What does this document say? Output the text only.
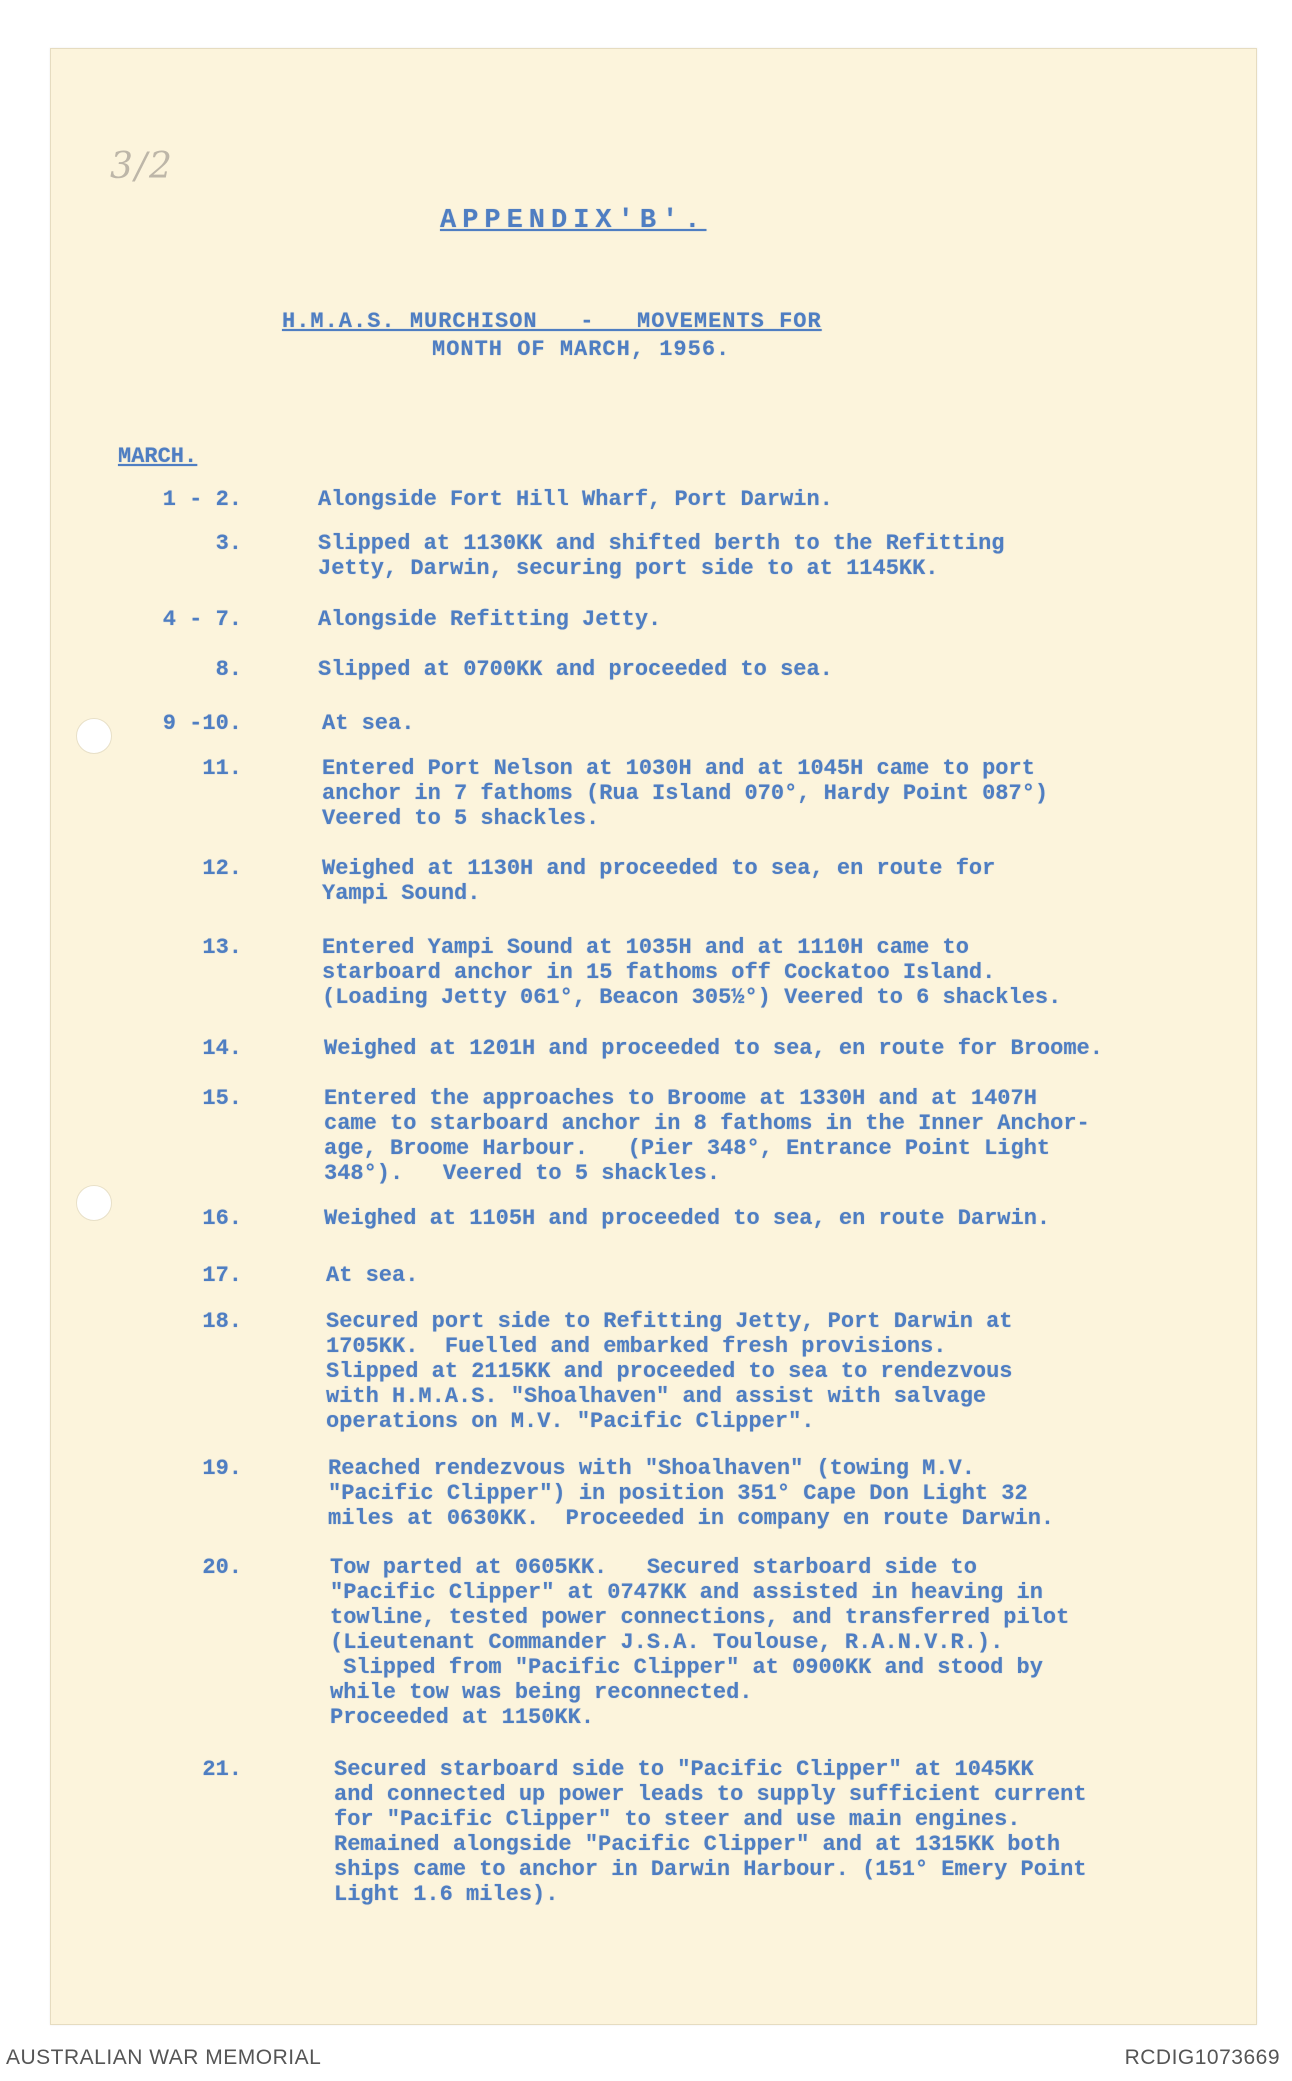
3/2
APPENDIX'B'.
H.M.A.S. MURCHISON   -   MOVEMENTS FOR
MONTH OF MARCH, 1956.
MARCH.
1 - 2.	Alongside Fort Hill Wharf, Port Darwin.
3.	Slipped at 1130KK and shifted berth to the Refitting
Jetty, Darwin, securing port side to at 1145KK.
4 - 7.	Alongside Refitting Jetty.
8.	Slipped at 0700KK and proceeded to sea.
9 -10.	At sea.
11.	Entered Port Nelson at 1030H and at 1045H came to port
anchor in 7 fathoms (Rua Island 070°, Hardy Point 087°)
Veered to 5 shackles.
12.	Weighed at 1130H and proceeded to sea, en route for
Yampi Sound.
13.	Entered Yampi Sound at 1035H and at 1110H came to
starboard anchor in 15 fathoms off Cockatoo Island.
(Loading Jetty 061°, Beacon 305½°) Veered to 6 shackles.
14.	Weighed at 1201H and proceeded to sea, en route for Broome.
15.	Entered the approaches to Broome at 1330H and at 1407H
came to starboard anchor in 8 fathoms in the Inner Anchor-
age, Broome Harbour.   (Pier 348°, Entrance Point Light
348°).   Veered to 5 shackles.
16.	Weighed at 1105H and proceeded to sea, en route Darwin.
17.	At sea.
18.	Secured port side to Refitting Jetty, Port Darwin at
1705KK.  Fuelled and embarked fresh provisions.
Slipped at 2115KK and proceeded to sea to rendezvous
with H.M.A.S. "Shoalhaven" and assist with salvage
operations on M.V. "Pacific Clipper".
19.	Reached rendezvous with "Shoalhaven" (towing M.V.
"Pacific Clipper") in position 351° Cape Don Light 32
miles at 0630KK.  Proceeded in company en route Darwin.
20.	Tow parted at 0605KK.   Secured starboard side to
"Pacific Clipper" at 0747KK and assisted in heaving in
towline, tested power connections, and transferred pilot
(Lieutenant Commander J.S.A. Toulouse, R.A.N.V.R.).
Slipped from "Pacific Clipper" at 0900KK and stood by
while tow was being reconnected.
Proceeded at 1150KK.
21.	Secured starboard side to "Pacific Clipper" at 1045KK
and connected up power leads to supply sufficient current
for "Pacific Clipper" to steer and use main engines.
Remained alongside "Pacific Clipper" and at 1315KK both
ships came to anchor in Darwin Harbour. (151° Emery Point
Light 1.6 miles).
AUSTRALIAN WAR MEMORIAL	RCDIG1073669
